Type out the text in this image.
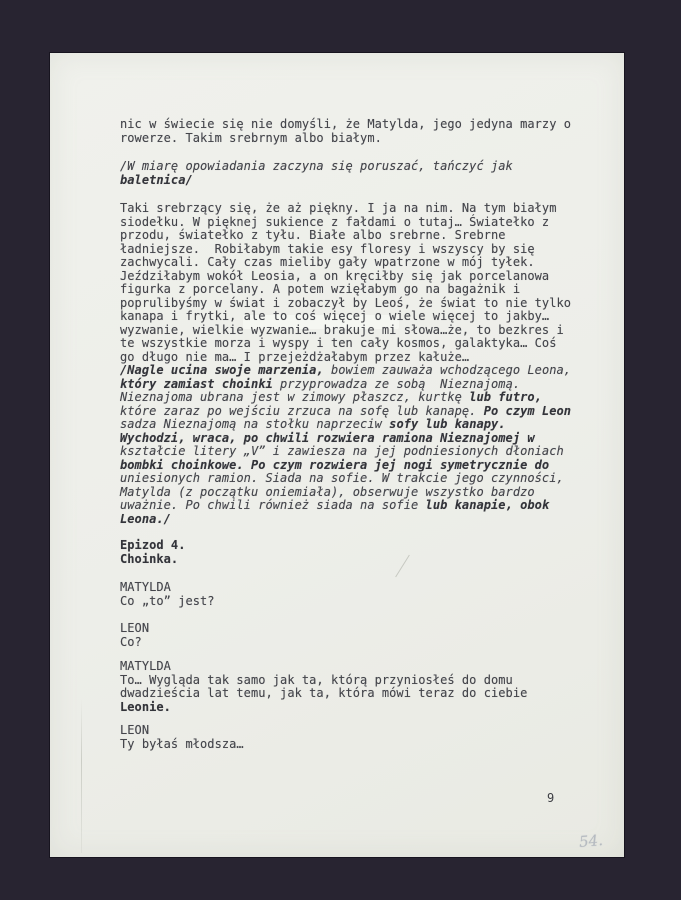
nic w świecie się nie domyśli, że Matylda, jego jedyna marzy o
rowerze. Takim srebrnym albo białym.
/W miarę opowiadania zaczyna się poruszać, tańczyć jak
baletnica/
Taki srebrzący się, że aż piękny. I ja na nim. Na tym białym
siodełku. W pięknej sukience z fałdami o tutaj… Światełko z
przodu, światełko z tyłu. Białe albo srebrne. Srebrne
ładniejsze.  Robiłabym takie esy floresy i wszyscy by się
zachwycali. Cały czas mieliby gały wpatrzone w mój tyłek.
Jeździłabym wokół Leosia, a on kręciłby się jak porcelanowa
figurka z porcelany. A potem wzięłabym go na bagażnik i
poprulibyśmy w świat i zobaczył by Leoś, że świat to nie tylko
kanapa i frytki, ale to coś więcej o wiele więcej to jakby…
wyzwanie, wielkie wyzwanie… brakuje mi słowa…że, to bezkres i
te wszystkie morza i wyspy i ten cały kosmos, galaktyka… Coś
go długo nie ma… I przejeżdżałabym przez kałuże…
/Nagle ucina swoje marzenia, bowiem zauważa wchodzącego Leona,
który zamiast choinki przyprowadza ze sobą  Nieznajomą.
Nieznajoma ubrana jest w zimowy płaszcz, kurtkę lub futro,
które zaraz po wejściu zrzuca na sofę lub kanapę. Po czym Leon
sadza Nieznajomą na stołku naprzeciw sofy lub kanapy.
Wychodzi, wraca, po chwili rozwiera ramiona Nieznajomej w
kształcie litery „V” i zawiesza na jej podniesionych dłoniach
bombki choinkowe. Po czym rozwiera jej nogi symetrycznie do
uniesionych ramion. Siada na sofie. W trakcie jego czynności,
Matylda (z początku oniemiała), obserwuje wszystko bardzo
uważnie. Po chwili również siada na sofie lub kanapie, obok
Leona./
Epizod 4.
Choinka.
MATYLDA
Co „to” jest?
LEON
Co?
MATYLDA
To… Wygląda tak samo jak ta, którą przyniosłeś do domu
dwadzieścia lat temu, jak ta, która mówi teraz do ciebie
Leonie.
LEON
Ty byłaś młodsza…
9
54.
